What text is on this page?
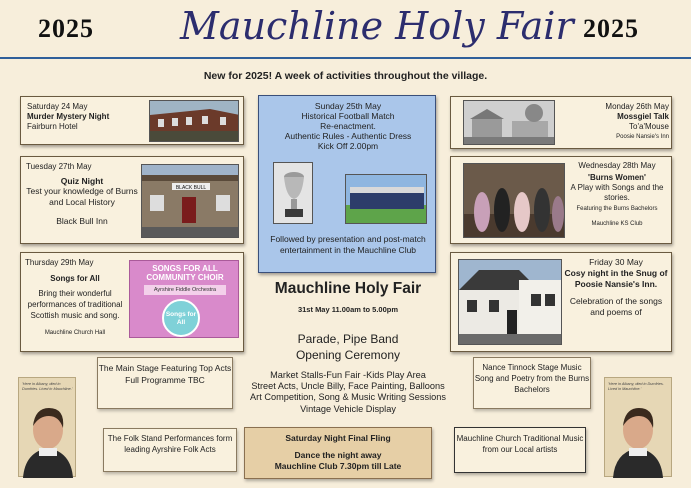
2025	2025
Mauchline Holy Fair
New for 2025! A week of activities throughout the village.
Saturday 24 May
Murder Mystery Night
Fairburn Hotel
Tuesday 27th May
Quiz Night
Test your knowledge of Burns and Local History
Black Bull Inn
BLACK BULL
Thursday 29th May
Songs for All
Bring their wonderful performances of traditional Scottish music and song.
Mauchline Church Hall
SONGS FOR ALL COMMUNITY CHOIR
Ayrshire Fiddle Orchestra
Songs for All
Sunday 25th May
Historical Football Match
Re-enactment.
Authentic Rules - Authentic Dress
Kick Off 2.00pm
Followed by presentation and post-match entertainment in the Mauchline Club
Mauchline Holy Fair
31st May 11.00am to 5.00pm
Parade, Pipe Band
Opening Ceremony
Market Stalls-Fun Fair -Kids Play Area
Street Acts, Uncle Billy, Face Painting, Balloons
Art Competition, Song & Music Writing Sessions
Vintage Vehicle Display
Monday 26th May
Mossgiel Talk
To'a'Mouse
Poosie Nansie's Inn
Wednesday 28th May
'Burns Women'
A Play with Songs and the stories.
Featuring the Burns Bachelors
Mauchline KS Club
Friday 30 May
Cosy night in the Snug of Poosie Nansie's Inn.
Celebration of the songs and poems of
The Main Stage Featuring Top Acts Full Programme TBC
Nance Tinnock Stage Music Song and Poetry from the Burns Bachelors
The Folk Stand Performances form leading Ayrshire Folk Acts
Saturday Night Final Fling
Dance the night away
Mauchline Club 7.30pm till Late
Mauchline Church Traditional Music from our Local artists
'Here in Albany, died in Dumfries. Lived in Mauchline.'
'Here in Albany, died in Dumfries. Lived in Mauchline.'
